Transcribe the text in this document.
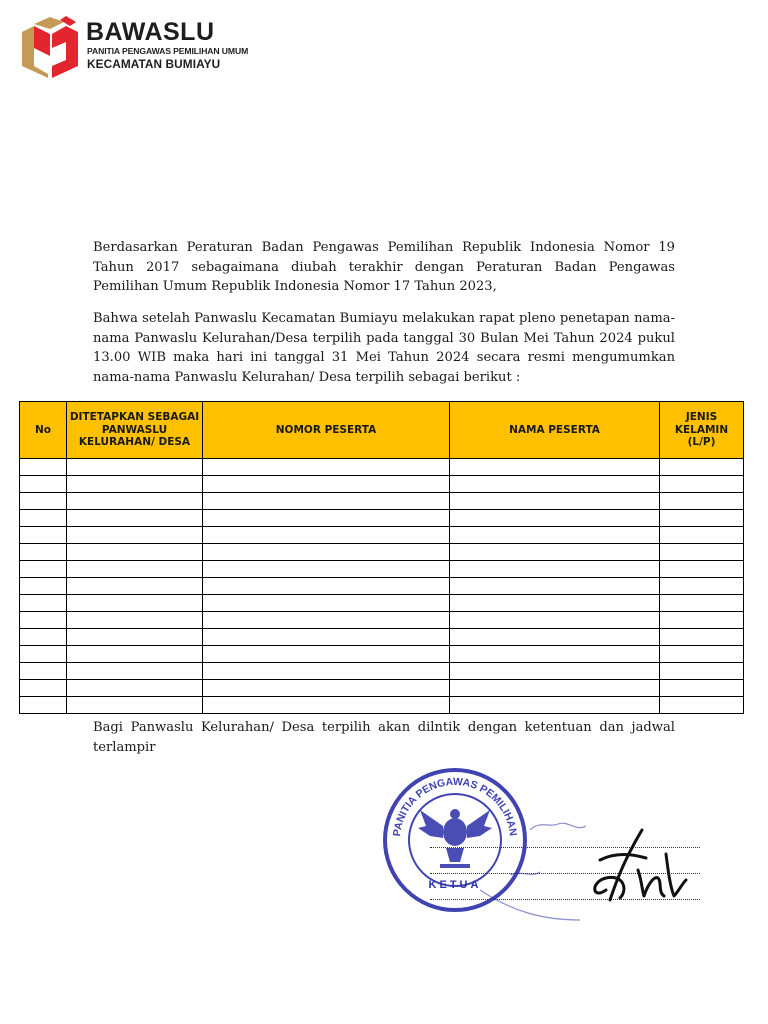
BAWASLU
PANITIA PENGAWAS PEMILIHAN UMUM
KECAMATAN BUMIAYU
Berdasarkan Peraturan Badan Pengawas Pemilihan Republik Indonesia Nomor 19 Tahun 2017 sebagaimana diubah terakhir dengan Peraturan Badan Pengawas Pemilihan Umum Republik Indonesia Nomor 17 Tahun 2023,
Bahwa setelah Panwaslu Kecamatan Bumiayu melakukan rapat pleno penetapan nama-nama Panwaslu Kelurahan/Desa terpilih pada tanggal 30 Bulan Mei Tahun 2024 pukul 13.00 WIB maka hari ini tanggal 31 Mei Tahun 2024 secara resmi mengumumkan nama-nama Panwaslu Kelurahan/ Desa terpilih sebagai berikut :
No	DITETAPKAN SEBAGAI PANWASLU KELURAHAN/ DESA	NOMOR PESERTA	NAMA PESERTA	JENIS KELAMIN (L/P)

Bagi Panwaslu Kelurahan/ Desa terpilih akan dilntik dengan ketentuan dan jadwal terlampir
PANITIA PENGAWAS PEMILIHAN UMUM KECAMATAN BUMIAYU
KETUA
